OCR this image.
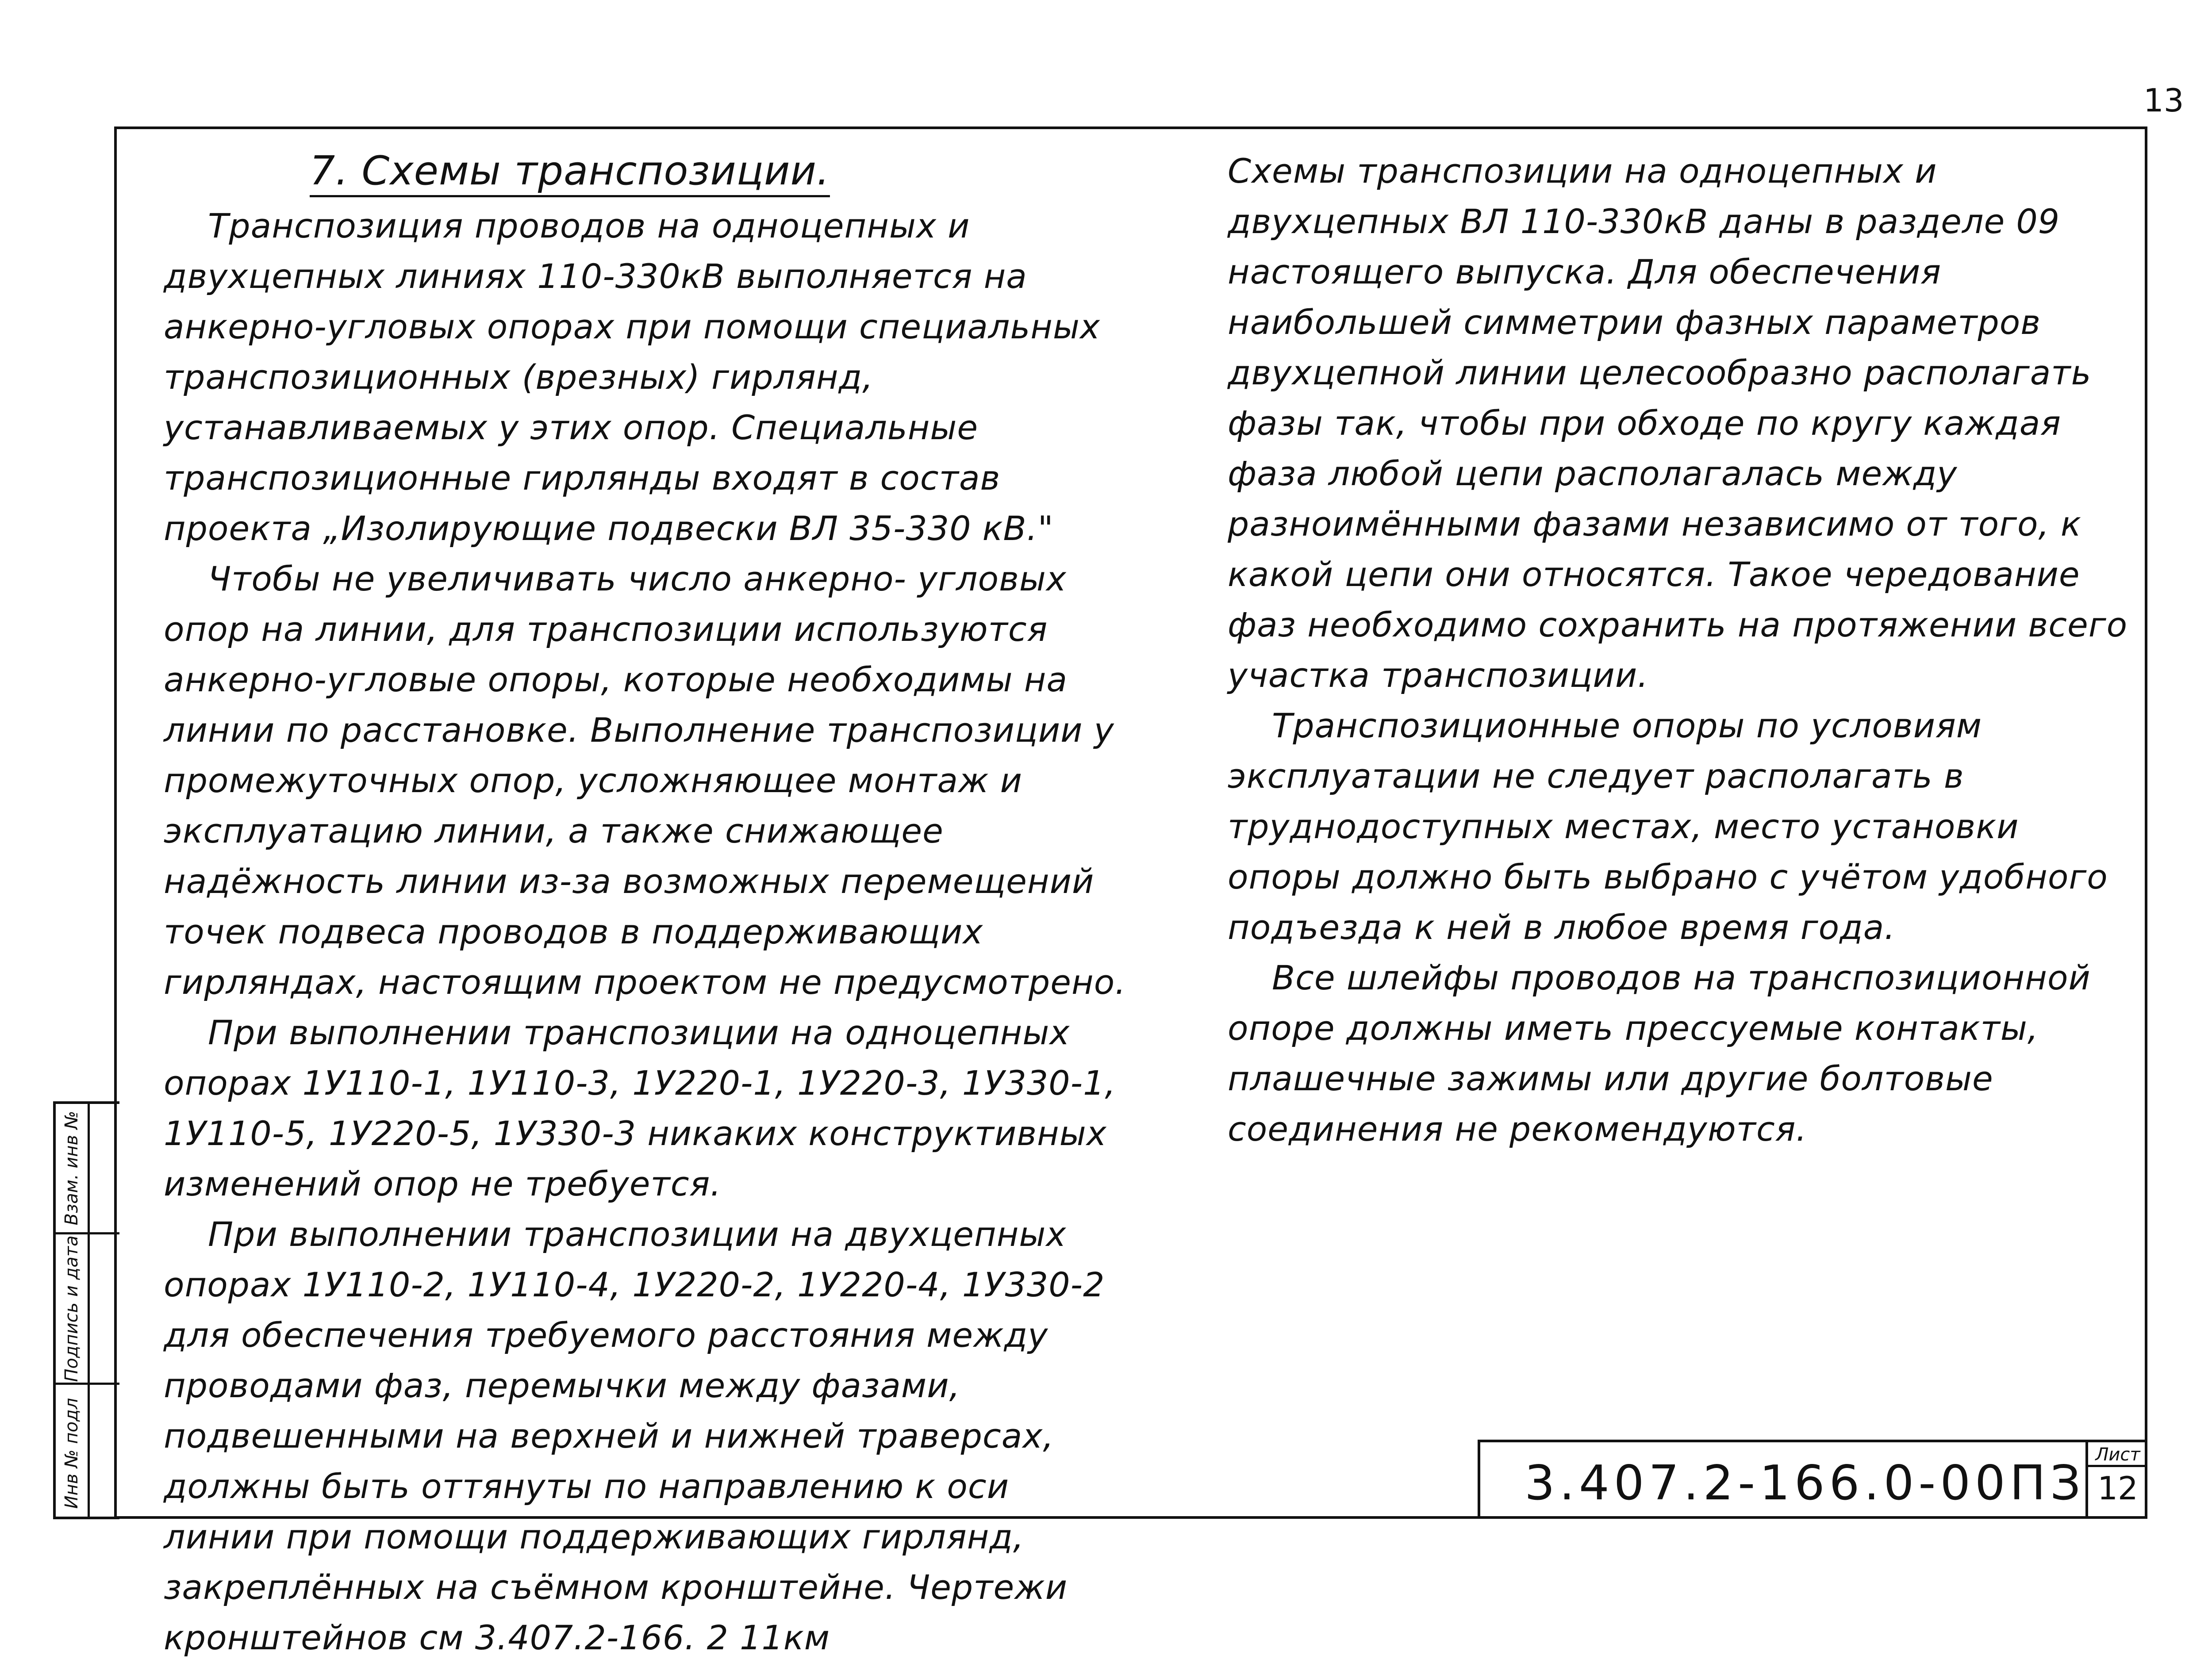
13
Инв № подл
Подпись и дата
Взам. инв №
7. Схемы транспозиции.

Транспозиция проводов на одноцепных и двухцепных линиях 110-330кВ выполняется на анкерно-угловых опорах при помощи специальных транспозиционных (врезных) гирлянд, устанавливаемых у этих опор. Специальные транспозиционные гирлянды входят в состав проекта „Изолирующие подвески ВЛ 35-330 кВ."

Чтобы не увеличивать число анкерно- угловых опор на линии, для транспозиции используются анкерно-угловые опоры, которые необходимы на линии по расстановке. Выполнение транспозиции у промежуточных опор, усложняющее монтаж и эксплуатацию линии, а также снижающее надёжность линии из-за возможных перемещений точек подвеса проводов в поддерживающих гирляндах, настоящим проектом не предусмотрено.

При выполнении транспозиции на одноцепных опорах 1У110-1, 1У110-3, 1У220-1, 1У220-3, 1У330-1, 1У110-5, 1У220-5, 1У330-3 никаких конструктивных изменений опор не требуется.

При выполнении транспозиции на двухцепных опорах 1У110-2, 1У110-4, 1У220-2, 1У220-4, 1У330-2 для обеспечения требуемого расстояния между проводами фаз, перемычки между фазами, подвешенными на верхней и нижней траверсах, должны быть оттянуты по направлению к оси линии при помощи поддерживающих гирлянд, закреплённых на съёмном кронштейне. Чертежи кронштейнов см 3.407.2-166. 2 11км

Схемы транспозиции на одноцепных и двухцепных ВЛ 110-330кВ даны в разделе 09 настоящего выпуска. Для обеспечения наибольшей симметрии фазных параметров двухцепной линии целесообразно располагать фазы так, чтобы при обходе по кругу каждая фаза любой цепи располагалась между разноимёнными фазами независимо от того, к какой цепи они относятся. Такое чередование фаз необходимо сохранить на протяжении всего участка транспозиции.

Транспозиционные опоры по условиям эксплуатации не следует располагать в труднодоступных местах, место установки опоры должно быть выбрано с учётом удобного подъезда к ней в любое время года.

Все шлейфы проводов на транспозиционной опоре должны иметь прессуемые контакты, плашечные зажимы или другие болтовые соединения не рекомендуются.

3.407.2-166.0-00ПЗ
Лист
12
